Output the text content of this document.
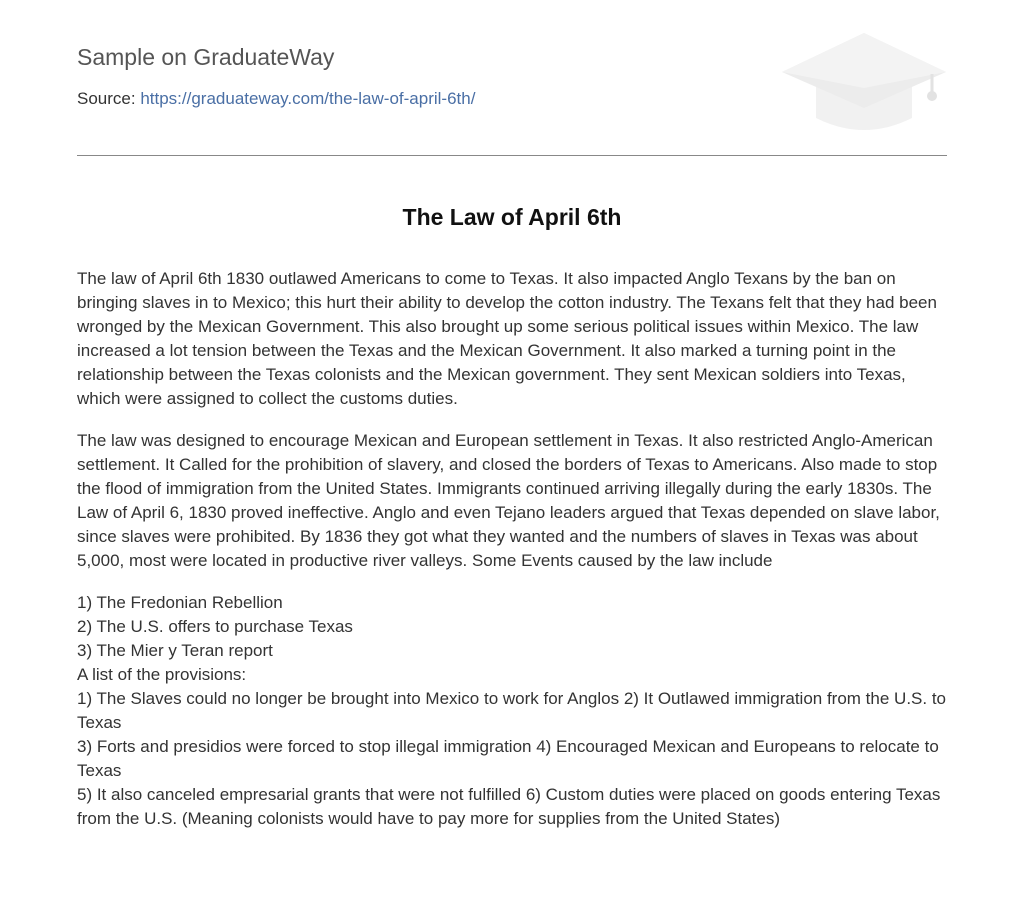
Sample on GraduateWay
Source: https://graduateway.com/the-law-of-april-6th/
The Law of April 6th

The law of April 6th 1830 outlawed Americans to come to Texas. It also impacted Anglo Texans by the ban on bringing slaves in to Mexico; this hurt their ability to develop the cotton industry. The Texans felt that they had been wronged by the Mexican Government. This also brought up some serious political issues within Mexico. The law increased a lot tension between the Texas and the Mexican Government. It also marked a turning point in the relationship between the Texas colonists and the Mexican government. They sent Mexican soldiers into Texas, which were assigned to collect the customs duties.

The law was designed to encourage Mexican and European settlement in Texas. It also restricted Anglo-American settlement. It Called for the prohibition of slavery, and closed the borders of Texas to Americans. Also made to stop the flood of immigration from the United States. Immigrants continued arriving illegally during the early 1830s. The Law of April 6, 1830 proved ineffective. Anglo and even Tejano leaders argued that Texas depended on slave labor, since slaves were prohibited. By 1836 they got what they wanted and the numbers of slaves in Texas was about 5,000, most were located in productive river valleys. Some Events caused by the law include

1) The Fredonian Rebellion
2) The U.S. offers to purchase Texas
3) The Mier y Teran report
A list of the provisions:
1) The Slaves could no longer be brought into Mexico to work for Anglos 2) It Outlawed immigration from the U.S. to Texas
3) Forts and presidios were forced to stop illegal immigration 4) Encouraged Mexican and Europeans to relocate to Texas
5) It also canceled empresarial grants that were not fulfilled 6) Custom duties were placed on goods entering Texas from the U.S. (Meaning colonists would have to pay more for supplies from the United States)
